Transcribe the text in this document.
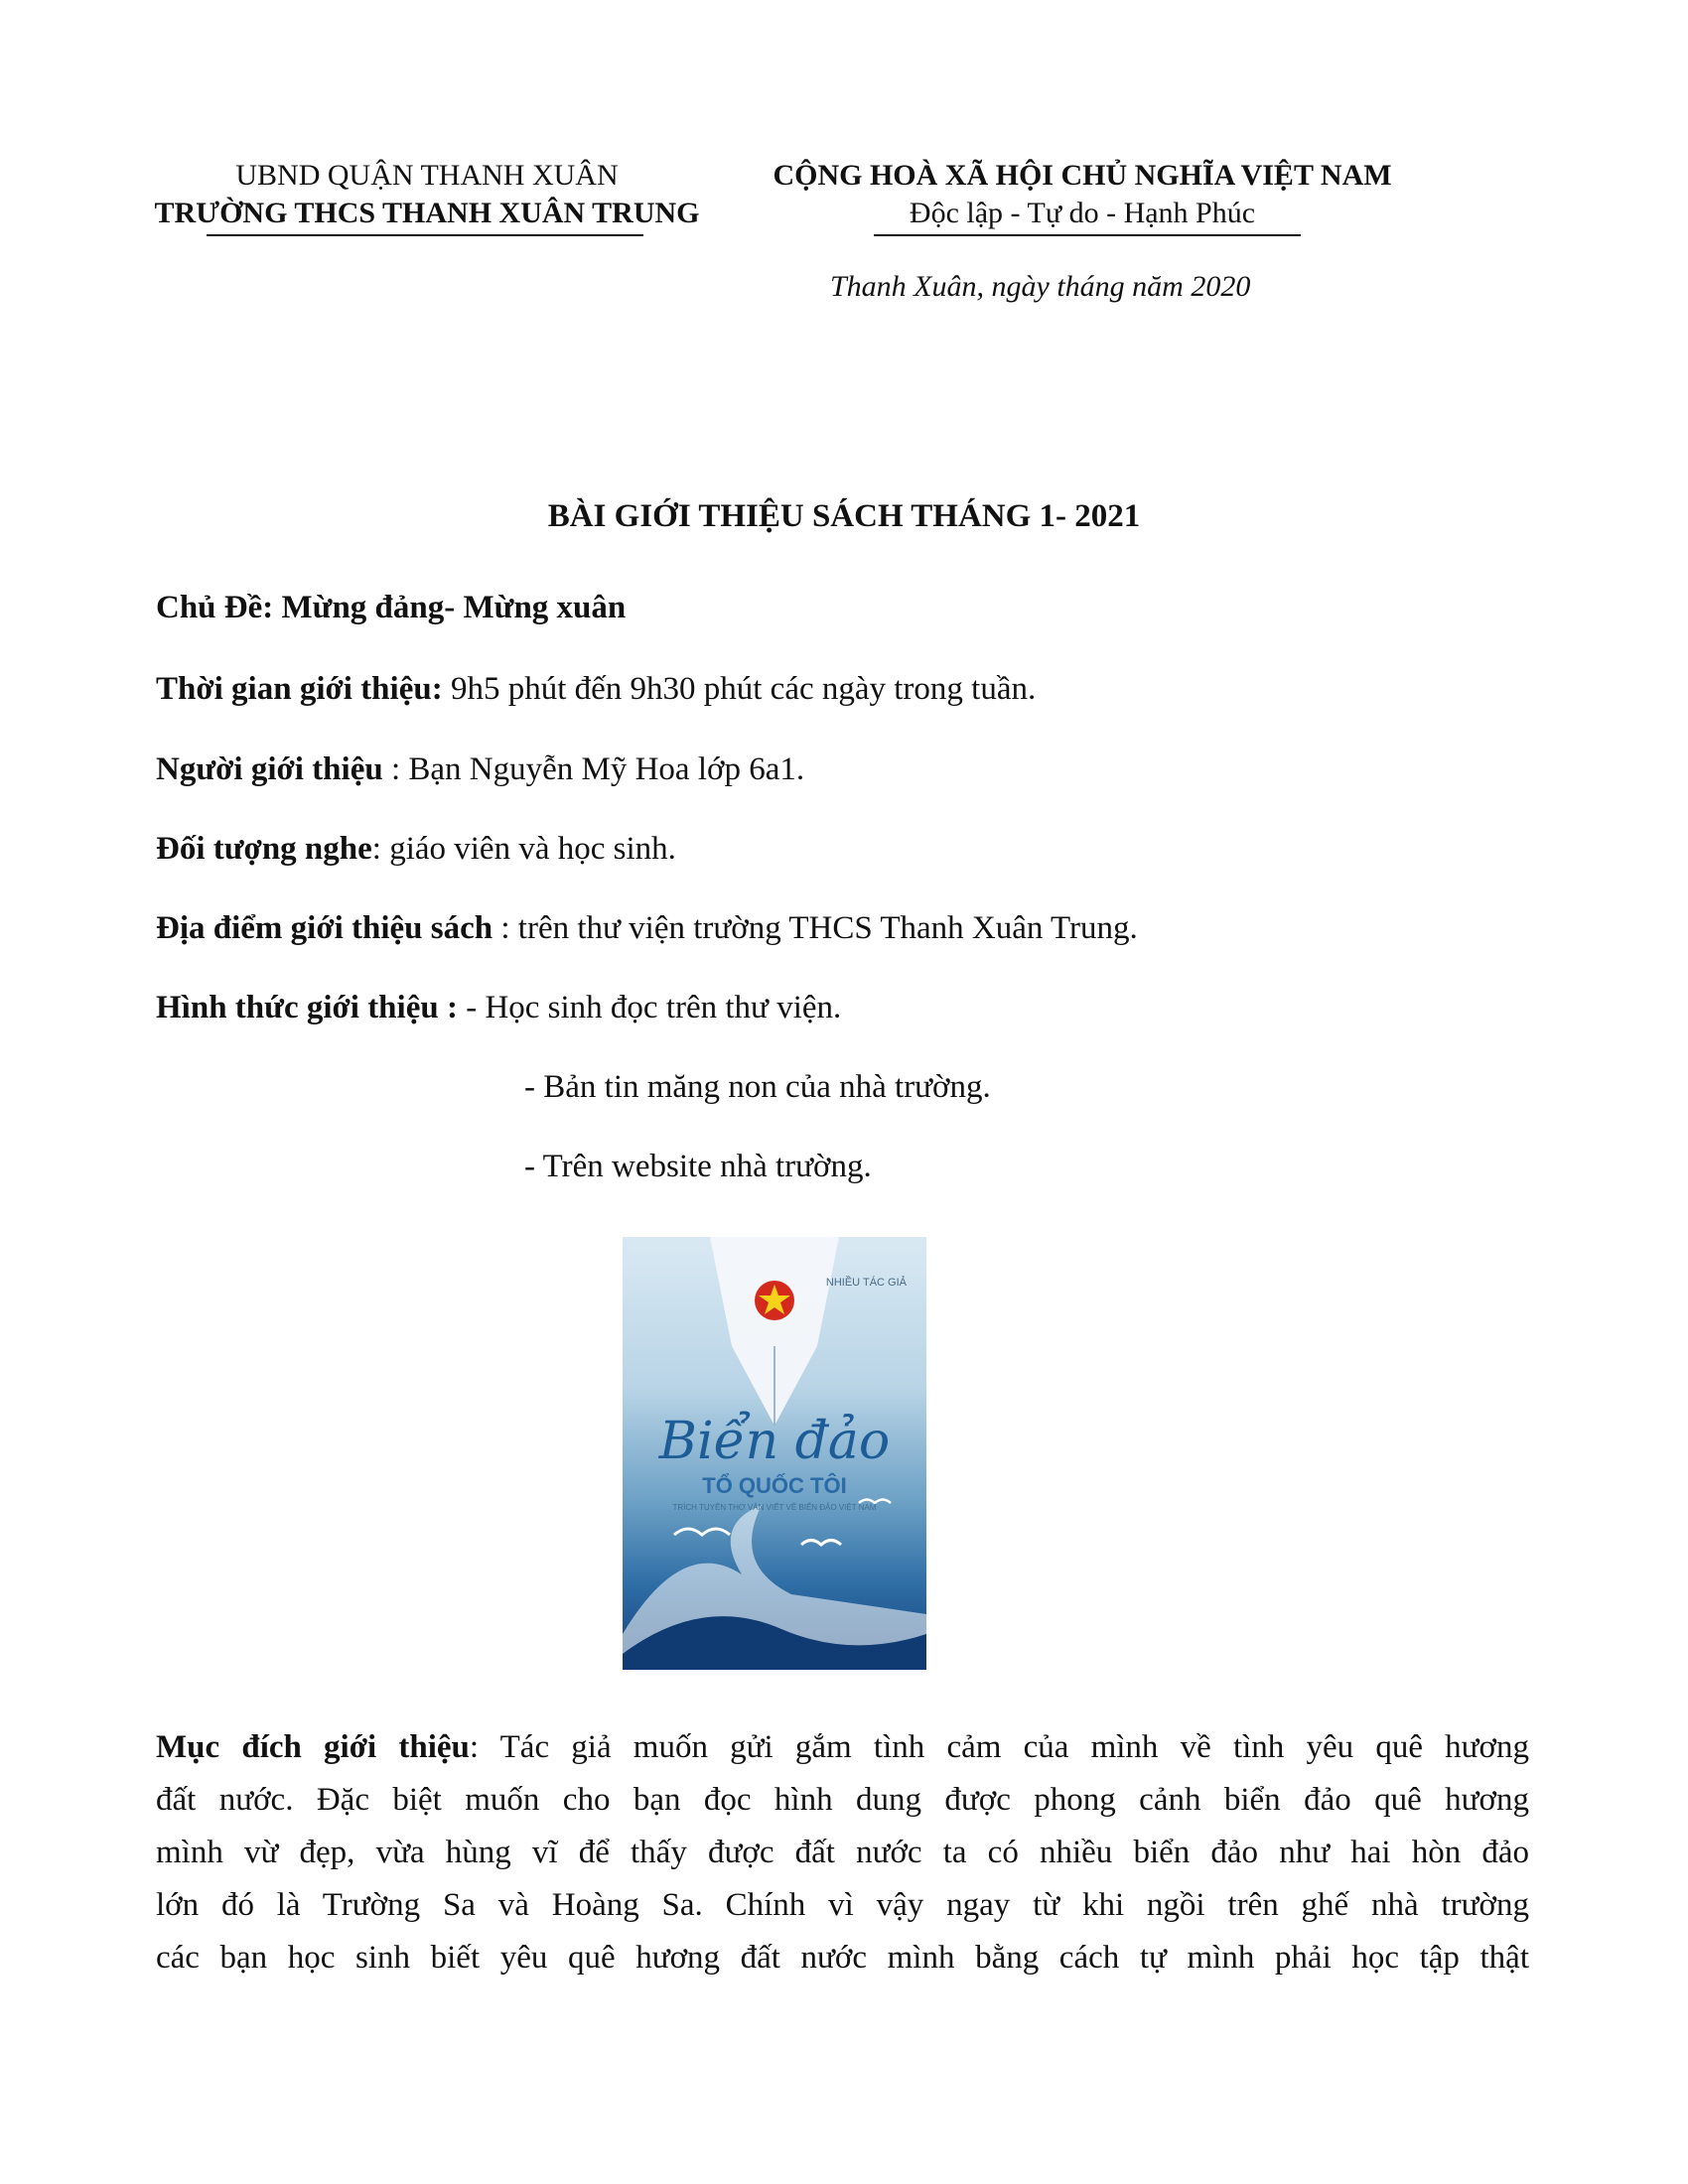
UBND QUẬN THANH XUÂN
TRƯỜNG THCS THANH XUÂN TRUNG
CỘNG HOÀ XÃ HỘI CHỦ NGHĨA VIỆT NAM
Độc lập - Tự do - Hạnh Phúc
Thanh Xuân, ngày tháng năm 2020
BÀI GIỚI THIỆU SÁCH THÁNG 1- 2021
Chủ Đề: Mừng đảng- Mừng xuân
Thời gian giới thiệu: 9h5 phút đến 9h30 phút các ngày trong tuần.
Người giới thiệu : Bạn Nguyễn Mỹ Hoa lớp 6a1.
Đối tượng nghe: giáo viên và học sinh.
Địa điểm giới thiệu sách : trên thư viện trường THCS Thanh Xuân Trung.
Hình thức giới thiệu : - Học sinh đọc trên thư viện.
- Bản tin măng non của nhà trường.
- Trên website nhà trường.
NHIỀU TÁC GIẢ
Biển đảo
TỔ QUỐC TÔI
TRÍCH TUYỂN THƠ VĂN VIẾT VỀ BIỂN ĐẢO VIỆT NAM
Mục đích giới thiệu: Tác giả muốn gửi gắm tình cảm của mình về tình yêu quê hương
đất nước. Đặc biệt muốn cho bạn đọc hình dung được phong cảnh biển đảo quê hương
mình vừ đẹp, vừa hùng vĩ để thấy được đất nước ta có nhiều biển đảo như hai hòn đảo
lớn đó là Trường Sa và Hoàng Sa. Chính vì vậy ngay từ khi ngồi trên ghế nhà trường
các bạn học sinh biết yêu quê hương đất nước mình bằng cách tự mình phải học tập thật
